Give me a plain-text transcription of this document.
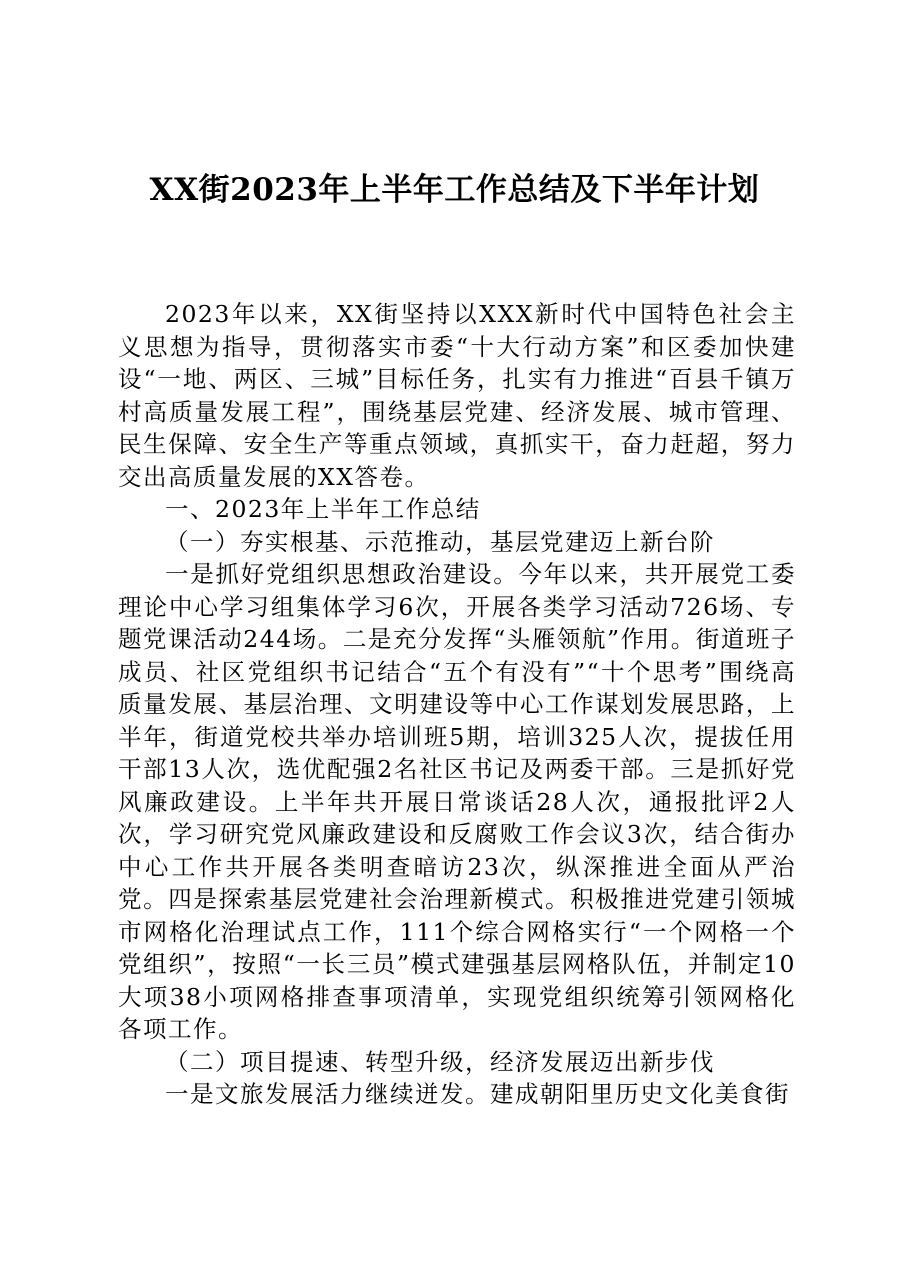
XX街2023年上半年工作总结及下半年计划

2023年以来，XX街坚持以XXX新时代中国特色社会主义思想为指导，贯彻落实市委“十大行动方案”和区委加快建设“一地、两区、三城”目标任务，扎实有力推进“百县千镇万村高质量发展工程”，围绕基层党建、经济发展、城市管理、民生保障、安全生产等重点领域，真抓实干，奋力赶超，努力交出高质量发展的XX答卷。

一、2023年上半年工作总结

（一）夯实根基、示范推动，基层党建迈上新台阶

一是抓好党组织思想政治建设。今年以来，共开展党工委理论中心学习组集体学习6次，开展各类学习活动726场、专题党课活动244场。二是充分发挥“头雁领航”作用。街道班子成员、社区党组织书记结合“五个有没有”“十个思考”围绕高质量发展、基层治理、文明建设等中心工作谋划发展思路，上半年，街道党校共举办培训班5期，培训325人次，提拔任用干部13人次，选优配强2名社区书记及两委干部。三是抓好党风廉政建设。上半年共开展日常谈话28人次，通报批评2人次，学习研究党风廉政建设和反腐败工作会议3次，结合街办中心工作共开展各类明查暗访23次，纵深推进全面从严治党。四是探索基层党建社会治理新模式。积极推进党建引领城市网格化治理试点工作，111个综合网格实行“一个网格一个党组织”，按照“一长三员”模式建强基层网格队伍，并制定10大项38小项网格排查事项清单，实现党组织统筹引领网格化各项工作。

（二）项目提速、转型升级，经济发展迈出新步伐

一是文旅发展活力继续迸发。建成朝阳里历史文化美食街
